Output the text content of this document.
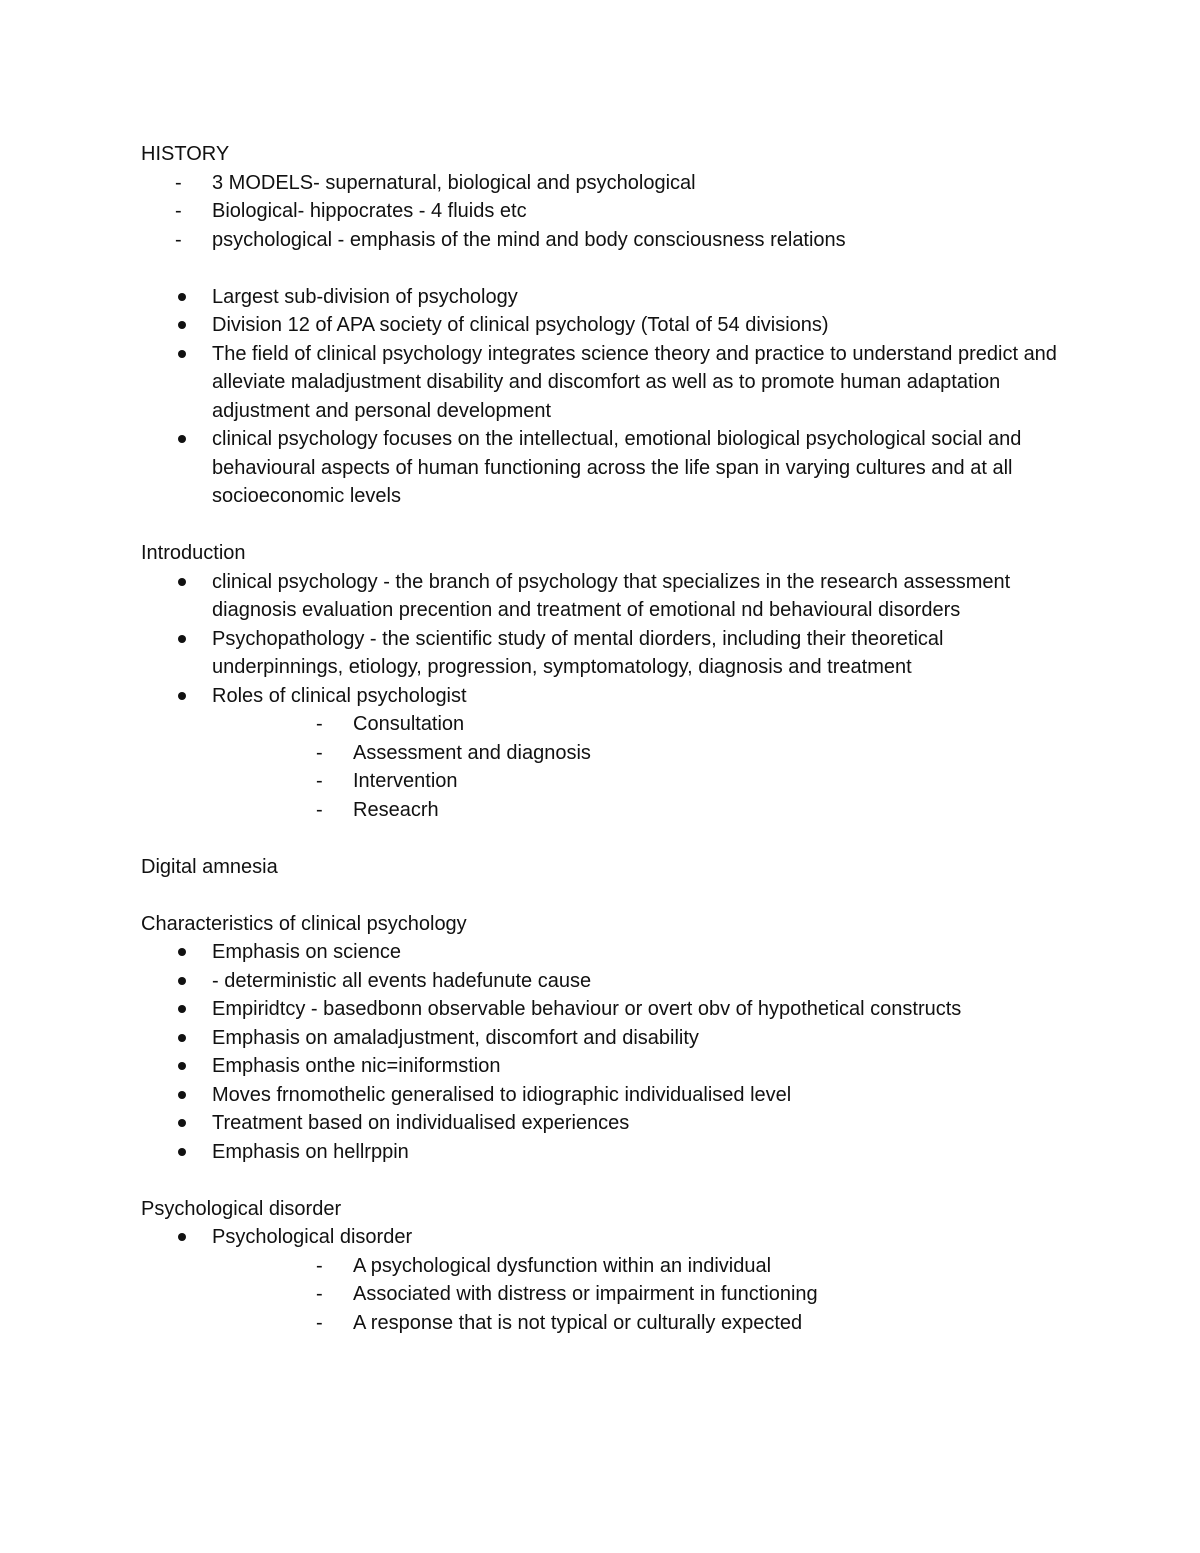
HISTORY
-	3 MODELS- supernatural, biological and psychological
-	Biological- hippocrates - 4 fluids etc
-	psychological - emphasis of the mind and body consciousness relations
Largest sub-division of psychology
Division 12 of APA society of clinical psychology (Total of 54 divisions)
The field of clinical psychology integrates science theory and practice to understand predict and alleviate maladjustment disability and discomfort as well as to promote human adaptation adjustment and personal development
clinical psychology focuses on the intellectual, emotional biological psychological social and behavioural aspects of human functioning across the life span in varying cultures and at all socioeconomic levels
Introduction
clinical psychology - the branch of psychology that specializes in the research assessment diagnosis evaluation precention and treatment of emotional nd behavioural disorders
Psychopathology - the scientific study of mental diorders, including their theoretical underpinnings, etiology, progression, symptomatology, diagnosis and treatment
Roles of clinical psychologist
-	Consultation
-	Assessment and diagnosis
-	Intervention
-	Reseacrh
Digital amnesia
Characteristics of clinical psychology
Emphasis on science
- deterministic all events hadefunute cause
Empiridtcy - basedbonn observable behaviour or overt obv of hypothetical constructs
Emphasis on amaladjustment, discomfort and disability
Emphasis onthe nic=iniformstion
Moves frnomothelic generalised to idiographic individualised level
Treatment based on individualised experiences
Emphasis on hellrppin
Psychological disorder
Psychological disorder
-	A psychological dysfunction within an individual
-	Associated with distress or impairment in functioning
-	A response that is not typical or culturally expected
